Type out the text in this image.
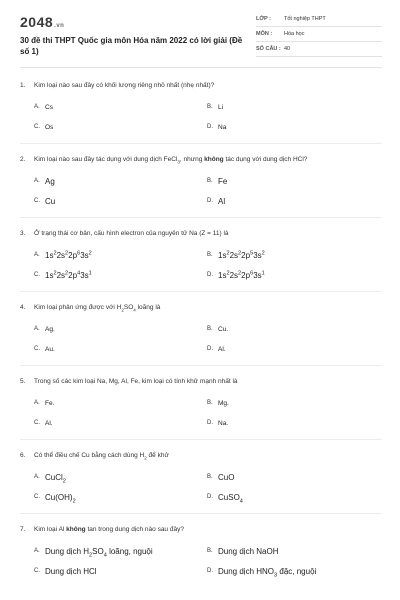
2048.vn
30 đề thi THPT Quốc gia môn Hóa năm 2022 có lời giải (Đề số 1)
LỚP :	Tốt nghiệp THPT
MÔN :	Hóa học
SỐ CÂU : 40
1.	Kim loại nào sau đây có khối lượng riêng nhỏ nhất (nhẹ nhất)?
A. Cs	B. Li
C. Os	D. Na
2.	Kim loại nào sau đây tác dụng với dung dịch FeCl$_3$, nhưng không tác dụng với dung dịch HCl?
A. Ag	B. Fe
C. Cu	D. Al
3.	Ở trạng thái cơ bản, cấu hình electron của nguyên tử Na (Z = 11) là
A. $1s^22s^22p^63s^2$	B. $1s^22s^22p^53s^2$
C. $1s^22s^22p^43s^1$	D. $1s^22s^22p^63s^1$
4.	Kim loại phản ứng được với $H_2SO_4$ loãng là
A. Ag.	B. Cu.
C. Au.	D. Al.
5.	Trong số các kim loại Na, Mg, Al, Fe, kim loại có tính khử mạnh nhất là
A. Fe.	B. Mg.
C. Al.	D. Na.
6.	Có thể điều chế Cu bằng cách dùng $H_2$ để khử
A. CuCl$_2$
B. CuO
C. $Cu(OH)_2$
D. CuSO$_4$
7.	Kim loại Al không tan trong dung dịch nào sau đây?
A. Dung dịch $H_2SO_4$ loãng, nguội	B. Dung dịch NaOH
C. Dung dịch HCl	D. Dung dịch $HNO_3$ đặc, nguội
